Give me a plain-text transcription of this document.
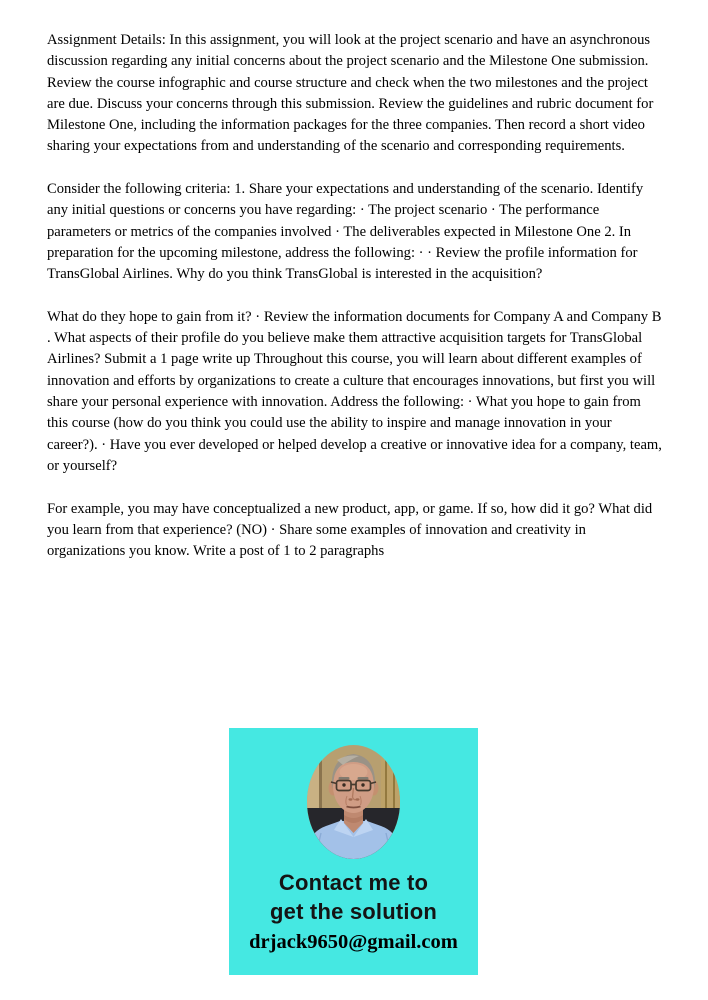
Assignment Details: In this assignment, you will look at the project scenario and have an asynchronous discussion regarding any initial concerns about the project scenario and the Milestone One submission. Review the course infographic and course structure and check when the two milestones and the project are due. Discuss your concerns through this submission. Review the guidelines and rubric document for Milestone One, including the information packages for the three companies. Then record a short video sharing your expectations from and understanding of the scenario and corresponding requirements.

Consider the following criteria: 1. Share your expectations and understanding of the scenario. Identify any initial questions or concerns you have regarding: · The project scenario · The performance parameters or metrics of the companies involved · The deliverables expected in Milestone One 2. In preparation for the upcoming milestone, address the following: · · Review the profile information for TransGlobal Airlines. Why do you think TransGlobal is interested in the acquisition?

What do they hope to gain from it? · Review the information documents for Company A and Company B . What aspects of their profile do you believe make them attractive acquisition targets for TransGlobal Airlines? Submit a 1 page write up Throughout this course, you will learn about different examples of innovation and efforts by organizations to create a culture that encourages innovations, but first you will share your personal experience with innovation. Address the following: · What you hope to gain from this course (how do you think you could use the ability to inspire and manage innovation in your career?). · Have you ever developed or helped develop a creative or innovative idea for a company, team, or yourself?

For example, you may have conceptualized a new product, app, or game. If so, how did it go? What did you learn from that experience? (NO) · Share some examples of innovation and creativity in organizations you know. Write a post of 1 to 2 paragraphs

Contact me to
get the solution
drjack9650@gmail.com
